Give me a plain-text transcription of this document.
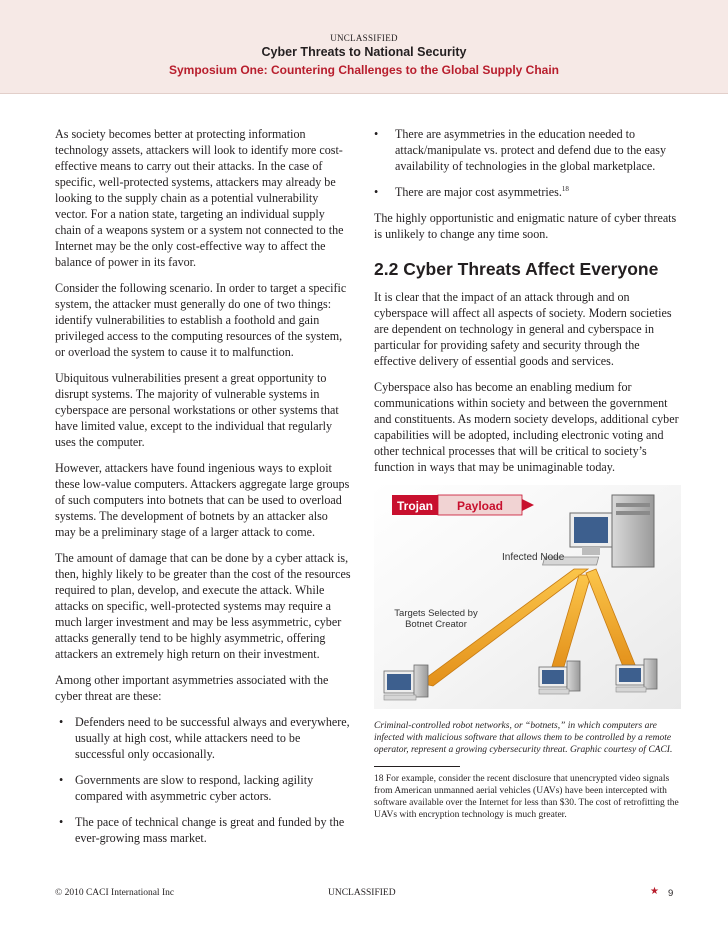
UNCLASSIFIED
Cyber Threats to National Security
Symposium One: Countering Challenges to the Global Supply Chain

As society becomes better at protecting information technology assets, attackers will look to identify more cost-effective means to carry out their attacks. In the case of specific, well-protected systems, attackers may already be looking to the supply chain as a potential vulnerability vector. For a nation state, targeting an individual supply chain of a weapons system or a system not connected to the Internet may be the only cost-effective way to affect the balance of power in its favor.

Consider the following scenario. In order to target a specific system, the attacker must generally do one of two things: identify vulnerabilities to establish a foothold and gain privileged access to the computing resources of the system, or overload the system to cause it to malfunction.

Ubiquitous vulnerabilities present a great opportunity to disrupt systems. The majority of vulnerable systems in cyberspace are personal workstations or other systems that have limited value, except to the individual that regularly uses the computer.

However, attackers have found ingenious ways to exploit these low-value computers. Attackers aggregate large groups of such computers into botnets that can be used to overload systems. The development of botnets by an attacker also may be a preliminary stage of a larger attack to come.

The amount of damage that can be done by a cyber attack is, then, highly likely to be greater than the cost of the resources required to plan, develop, and execute the attack. While attacks on specific, well-protected systems may require a much larger investment and may be less asymmetric, cyber attacks generally tend to be highly asymmetric, offering attackers an extremely high return on their investment.

Among other important asymmetries associated with the cyber threat are these:

• Defenders need to be successful always and everywhere, usually at high cost, while attackers need to be successful only occasionally.
• Governments are slow to respond, lacking agility compared with asymmetric cyber actors.
• The pace of technical change is great and funded by the ever-growing mass market.
• There are asymmetries in the education needed to attack/manipulate vs. protect and defend due to the easy availability of technologies in the global marketplace.
• There are major cost asymmetries.$^{18}$

The highly opportunistic and enigmatic nature of cyber threats is unlikely to change any time soon.

2.2 Cyber Threats Affect Everyone

It is clear that the impact of an attack through and on cyberspace will affect all aspects of society. Modern societies are dependent on technology in general and cyberspace in particular for providing safety and security through the effective delivery of essential goods and services.

Cyberspace also has become an enabling medium for communications within society and between the government and constituents. As modern society develops, additional cyber capabilities will be adopted, including electronic voting and other technical processes that will be critical to society’s function in ways that may be unimaginable today.

Trojan Payload
Infected Node
Targets Selected by
Botnet Creator

Criminal-controlled robot networks, or “botnets,” in which computers are infected with malicious software that allows them to be controlled by a remote operator, represent a growing cybersecurity threat. Graphic courtesy of CACI.

18 For example, consider the recent disclosure that unencrypted video signals from American unmanned aerial vehicles (UAVs) have been intercepted with software available over the Internet for less than $30. The cost of retrofitting the UAVs with encryption technology is much greater.

© 2010 CACI International Inc	UNCLASSIFIED	★ 9
